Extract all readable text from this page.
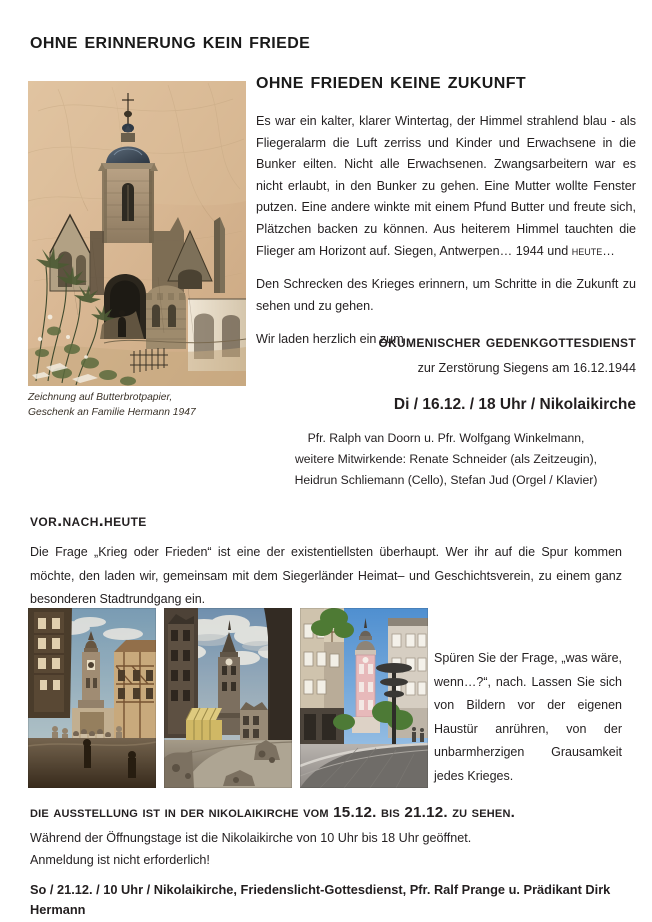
ohne erinnerung kein friede
ohne frieden keine zukunft
Zeichnung auf Butterbrotpapier,
Geschenk an Familie Hermann 1947

Es war ein kalter, klarer Wintertag, der Himmel strahlend blau - als Fliegeralarm die Luft zerriss und Kinder und Erwachsene in die Bunker eilten. Nicht alle Erwachsenen. Zwangsarbeitern war es nicht erlaubt, in den Bunker zu gehen. Eine Mutter wollte Fenster putzen. Eine andere winkte mit einem Pfund Butter und freute sich, Plätzchen backen zu können. Aus heiterem Himmel tauchten die Flieger am Horizont auf. Siegen, Antwerpen… 1944 und heute…

Den Schrecken des Krieges erinnern, um Schritte in die Zukunft zu sehen und zu gehen.

Wir laden herzlich ein zum

ökumenischer gedenkgottesdienst
zur Zerstörung Siegens am 16.12.1944
Di / 16.12. / 18 Uhr / Nikolaikirche
Pfr. Ralph van Doorn u. Pfr. Wolfgang Winkelmann,
weitere Mitwirkende: Renate Schneider (als Zeitzeugin),
Heidrun Schliemann (Cello), Stefan Jud (Orgel / Klavier)
vor.nach.heute

Die Frage „Krieg oder Frieden“ ist eine der existentiellsten überhaupt. Wer ihr auf die Spur kommen möchte, den laden wir, gemeinsam mit dem Siegerländer Heimat– und Geschichtsverein, zu einem ganz besonderen Stadtrundgang ein.

Spüren Sie der Frage, „was wäre, wenn…?“, nach. Lassen Sie sich von Bildern vor der eigenen Haustür anrühren, von der unbarmherzigen Grausamkeit jedes Krieges.

die ausstellung ist in der nikolaikirche vom 15.12. bis 21.12. zu sehen.

Während der Öffnungstage ist die Nikolaikirche von 10 Uhr bis 18 Uhr geöffnet.

Anmeldung ist nicht erforderlich!

So / 21.12. / 10 Uhr / Nikolaikirche, Friedenslicht-Gottesdienst, Pfr. Ralf Prange u. Prädikant Dirk Hermann
